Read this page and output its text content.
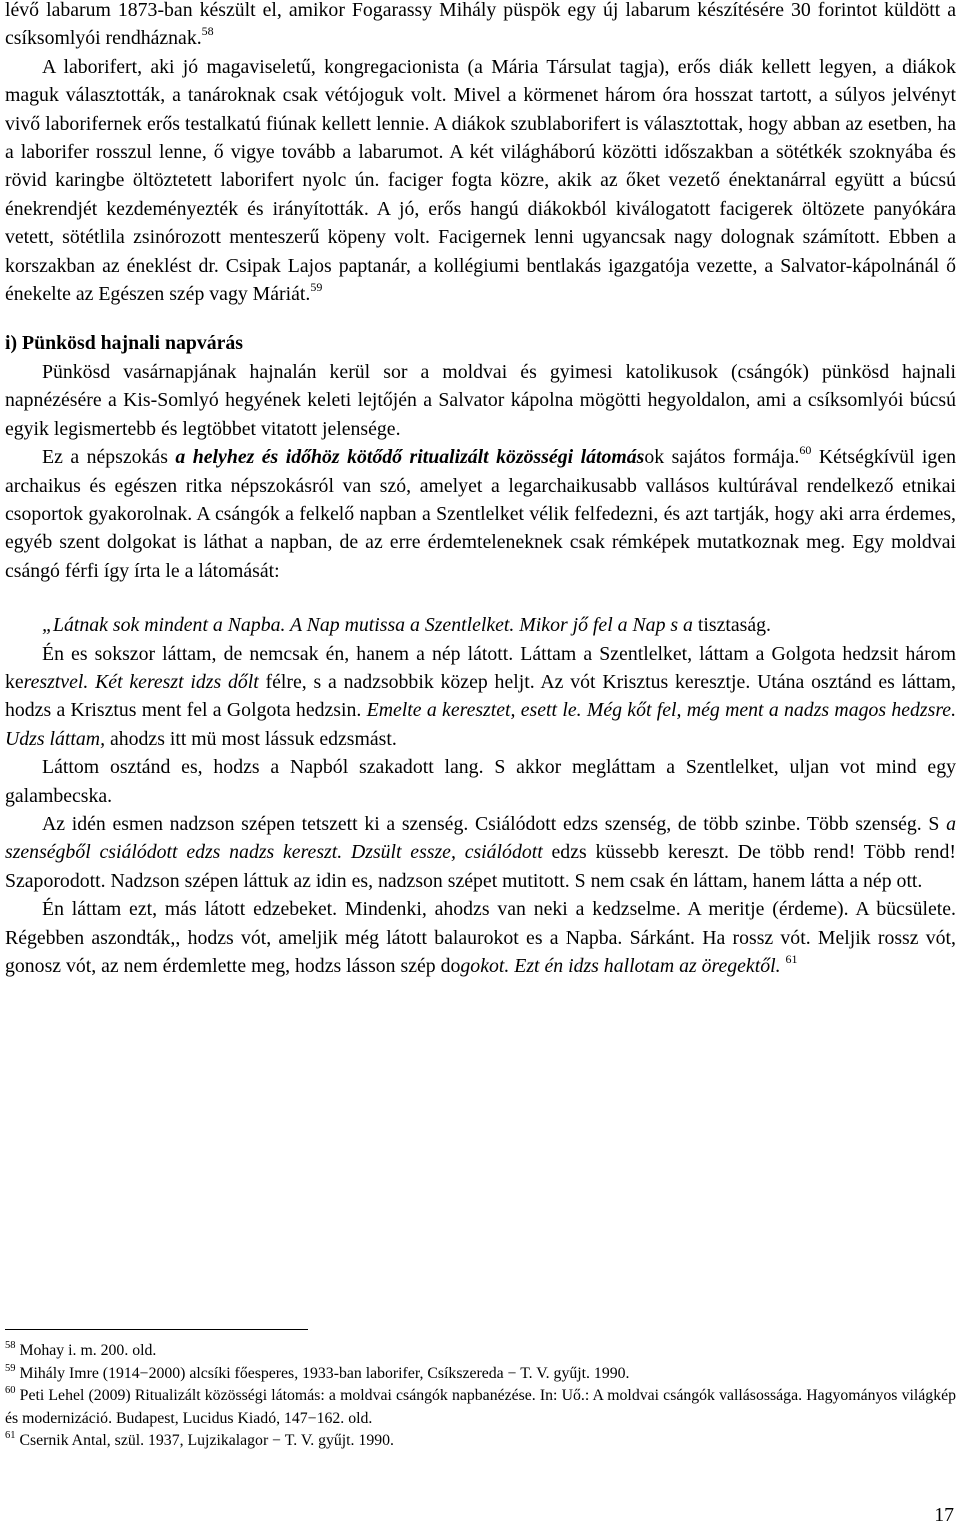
lévő labarum 1873-ban készült el, amikor Fogarassy Mihály püspök egy új labarum készítésére 30 forintot küldött a csíksomlyói rendháznak.$^{58}$

A laborifert, aki jó magaviseletű, kongregacionista (a Mária Társulat tagja), erős diák kellett legyen, a diákok maguk választották, a tanároknak csak vétójoguk volt. Mivel a körmenet három óra hosszat tartott, a súlyos jelvényt vivő laborifernek erős testalkatú fiúnak kellett lennie. A diákok szublaborifert is választottak, hogy abban az esetben, ha a laborifer rosszul lenne, ő vigye tovább a labarumot. A két világháború közötti időszakban a sötétkék szoknyába és rövid karingbe öltöztetett laborifert nyolc ún. faciger fogta közre, akik az őket vezető énektanárral együtt a búcsú énekrendjét kezdeményezték és irányították. A jó, erős hangú diákokból kiválogatott facigerek öltözete panyókára vetett, sötétlila zsinórozott menteszerű köpeny volt. Facigernek lenni ugyancsak nagy dolognak számított. Ebben a korszakban az éneklést dr. Csipak Lajos paptanár, a kollégiumi bentlakás igazgatója vezette, a Salvator-kápolnánál ő énekelte az Egészen szép vagy Máriát.$^{59}$

i) Pünkösd hajnali napvárás

Pünkösd vasárnapjának hajnalán kerül sor a moldvai és gyimesi katolikusok (csángók) pünkösd hajnali napnézésére a Kis-Somlyó hegyének keleti lejtőjén a Salvator kápolna mögötti hegyoldalon, ami a csíksomlyói búcsú egyik legismertebb és legtöbbet vitatott jelensége.

Ez a népszokás a helyhez és időhöz kötődő ritualizált közösségi látomások sajátos formája.$^{60}$ Kétségkívül igen archaikus és egészen ritka népszokásról van szó, amelyet a legarchaikusabb vallásos kultúrával rendelkező etnikai csoportok gyakorolnak. A csángók a felkelő napban a Szentlelket vélik felfedezni, és azt tartják, hogy aki arra érdemes, egyéb szent dolgokat is láthat a napban, de az erre érdemteleneknek csak rémképek mutatkoznak meg. Egy moldvai csángó férfi így írta le a látomását:

„Látnak sok mindent a Napba. A Nap mutissa a Szentlelket. Mikor jő fel a Nap s a tisztaság.

Én es sokszor láttam, de nemcsak én, hanem a nép látott. Láttam a Szentlelket, láttam a Golgota hedzsit három keresztvel. Két kereszt idzs dőlt félre, s a nadzsobbik közep heljt. Az vót Krisztus keresztje. Utána osztánd es láttam, hodzs a Krisztus ment fel a Golgota hedzsin. Emelte a keresztet, esett le. Még kőt fel, még ment a nadzs magos hedzsre. Udzs láttam, ahodzs itt mü most lássuk edzsmást.

Láttom osztánd es, hodzs a Napból szakadott lang. S akkor megláttam a Szentlelket, uljan vot mind egy galambecska.

Az idén esmen nadzson szépen tetszett ki a szenség. Csiálódott edzs szenség, de több szinbe. Több szenség. S a szenségből csiálódott edzs nadzs kereszt. Dzsült essze, csiálódott edzs küssebb kereszt. De több rend! Több rend! Szaporodott. Nadzson szépen láttuk az idin es, nadzson szépet mutitott. S nem csak én láttam, hanem látta a nép ott.

Én láttam ezt, más látott edzebeket. Mindenki, ahodzs van neki a kedzselme. A meritje (érdeme). A bücsülete. Régebben aszondták,, hodzs vót, ameljik még látott balaurokot es a Napba. Sárkánt. Ha rossz vót. Meljik rossz vót, gonosz vót, az nem érdemlette meg, hodzs lásson szép dogokot. Ezt én idzs hallotam az öregektől. $^{61}$

$^{58}$ Mohay i. m. 200. old.

$^{59}$ Mihály Imre (1914−2000) alcsíki főesperes, 1933-ban laborifer, Csíkszereda − T. V. gyűjt. 1990.

$^{60}$ Peti Lehel (2009) Ritualizált közösségi látomás: a moldvai csángók napbanézése. In: Uő.: A moldvai csángók vallásossága. Hagyományos világkép és modernizáció. Budapest, Lucidus Kiadó, 147−162. old.

$^{61}$ Csernik Antal, szül. 1937, Lujzikalagor − T. V. gyűjt. 1990.

17
